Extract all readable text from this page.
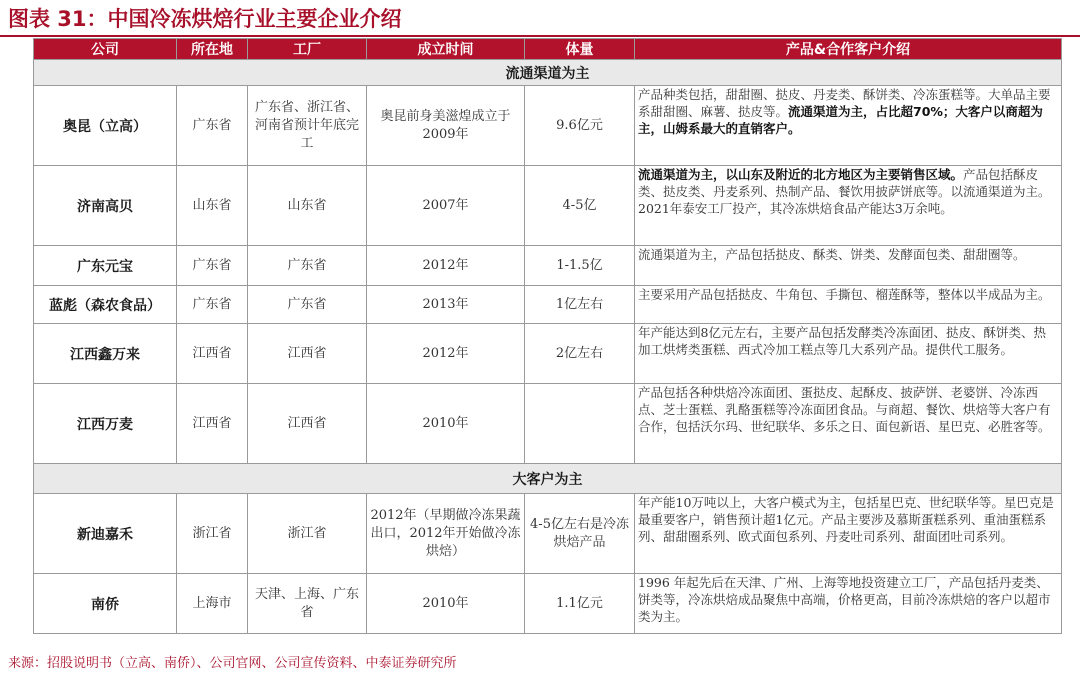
图表 31：中国冷冻烘焙行业主要企业介绍
公司	所在地	工厂	成立时间	体量	产品&合作客户介绍
流通渠道为主					
奥昆（立高）	广东省	广东省、浙江省、河南省预计年底完工	奥昆前身美滋煌成立于2009年	9.6亿元	产品种类包括，甜甜圈、挞皮、丹麦类、酥饼类、冷冻蛋糕等。大单品主要系甜甜圈、麻薯、挞皮等。流通渠道为主，占比超70%；大客户以商超为主，山姆系最大的直销客户。
济南高贝	山东省	山东省	2007年	4-5亿	流通渠道为主，以山东及附近的北方地区为主要销售区域。产品包括酥皮类、挞皮类、丹麦系列、热制产品、餐饮用披萨饼底等。以流通渠道为主。2021年泰安工厂投产，其冷冻烘焙食品产能达3万余吨。
广东元宝	广东省	广东省	2012年	1-1.5亿	流通渠道为主，产品包括挞皮、酥类、饼类、发酵面包类、甜甜圈等。
蓝彪（森农食品）	广东省	广东省	2013年	1亿左右	主要采用产品包括挞皮、牛角包、手撕包、榴莲酥等，整体以半成品为主。
江西鑫万来	江西省	江西省	2012年	2亿左右	年产能达到8亿元左右，主要产品包括发酵类冷冻面团、挞皮、酥饼类、热加工烘烤类蛋糕、西式冷加工糕点等几大系列产品。提供代工服务。
江西万麦	江西省	江西省	2010年		产品包括各种烘焙冷冻面团、蛋挞皮、起酥皮、披萨饼、老婆饼、冷冻西点、芝士蛋糕、乳酪蛋糕等冷冻面团食品。与商超、餐饮、烘焙等大客户有合作，包括沃尔玛、世纪联华、多乐之日、面包新语、星巴克、必胜客等。
大客户为主					
新迪嘉禾	浙江省	浙江省	2012年（早期做冷冻果蔬出口，2012年开始做冷冻烘焙）	4-5亿左右是冷冻烘焙产品	年产能10万吨以上，大客户模式为主，包括星巴克、世纪联华等。星巴克是最重要客户，销售预计超1亿元。产品主要涉及慕斯蛋糕系列、重油蛋糕系列、甜甜圈系列、欧式面包系列、丹麦吐司系列、甜面团吐司系列。
南侨	上海市	天津、上海、广东省	2010年	1.1亿元	1996 年起先后在天津、广州、上海等地投资建立工厂，产品包括丹麦类、饼类等，冷冻烘焙成品聚焦中高端，价格更高，目前冷冻烘焙的客户以超市类为主。
来源：招股说明书（立高、南侨）、公司官网、公司宣传资料、中泰证券研究所
